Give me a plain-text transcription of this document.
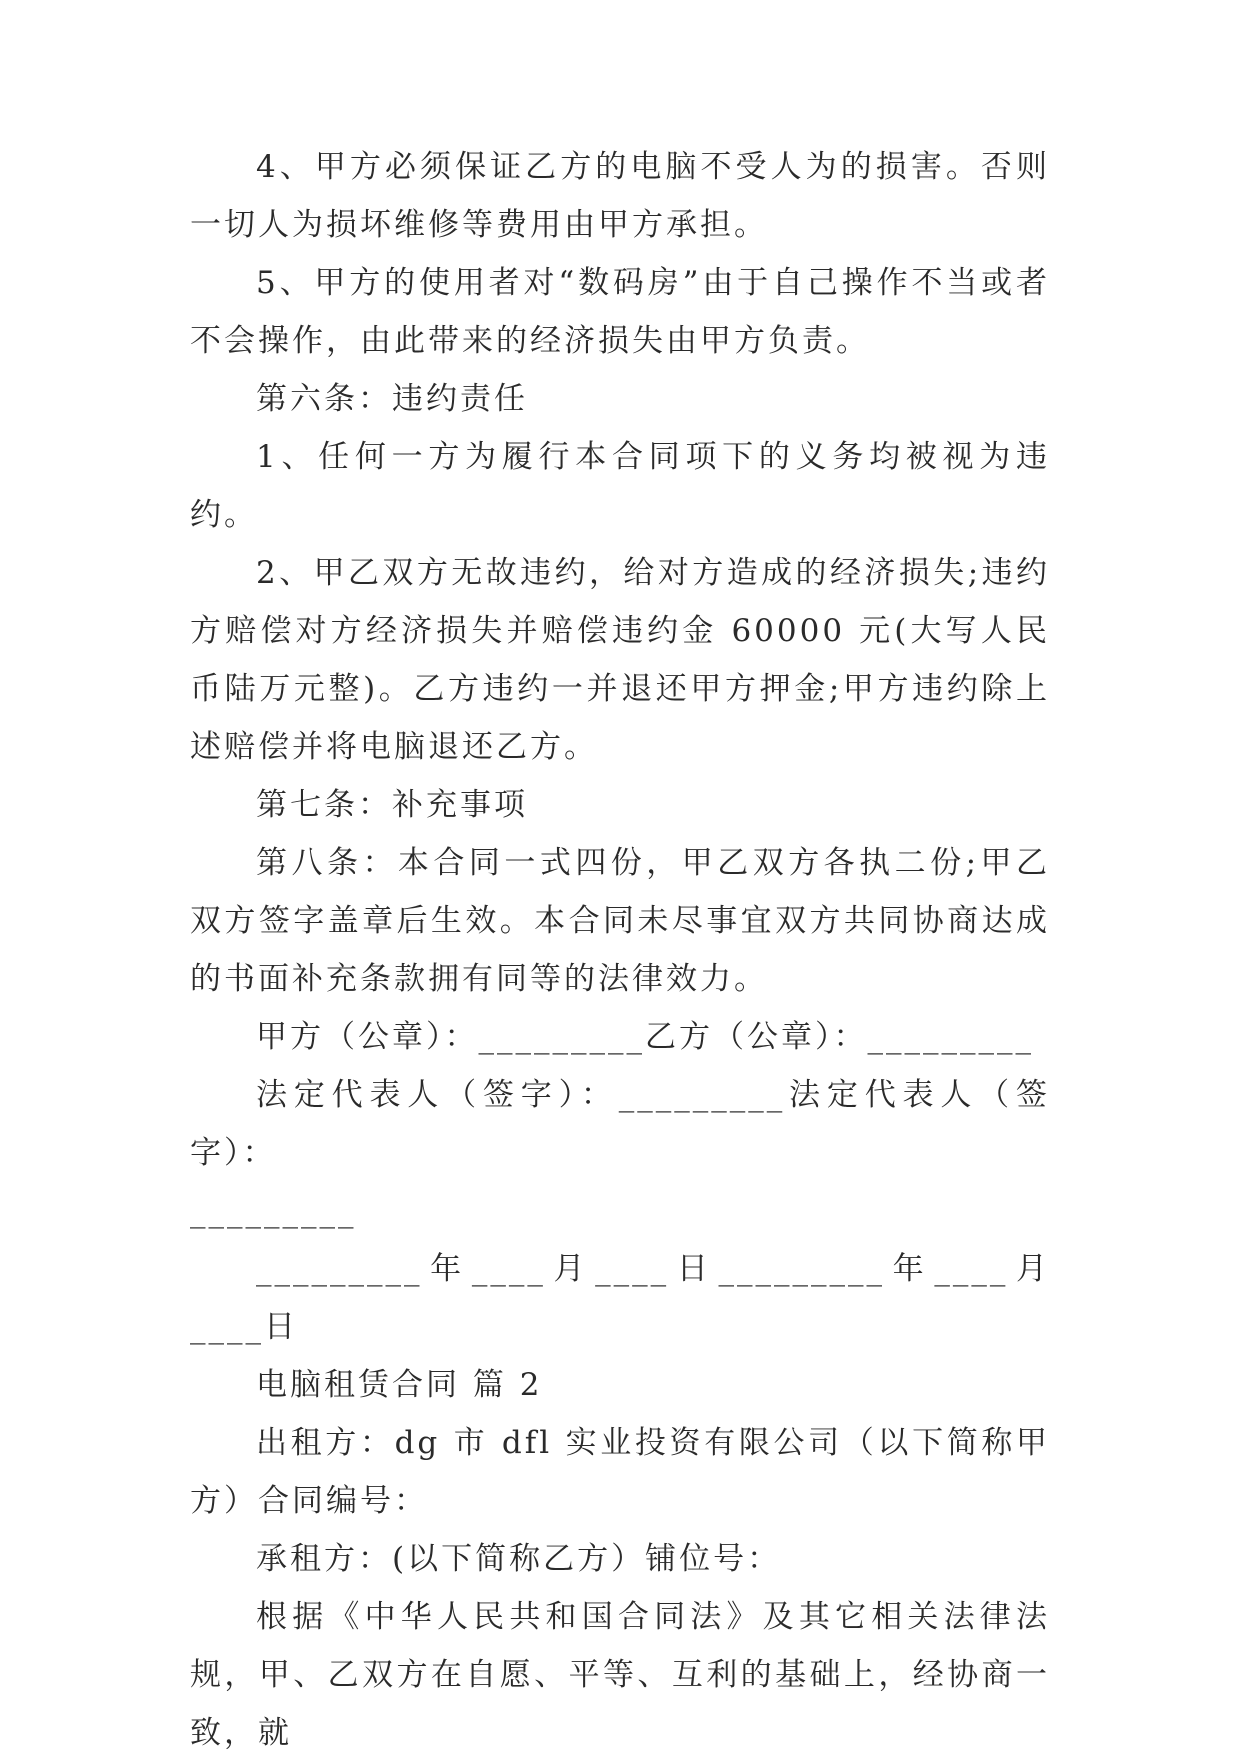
4、甲方必须保证乙方的电脑不受人为的损害。否则一切人为损坏维修等费用由甲方承担。

5、甲方的使用者对“数码房”由于自己操作不当或者不会操作，由此带来的经济损失由甲方负责。

第六条：违约责任

1、任何一方为履行本合同项下的义务均被视为违约。

2、甲乙双方无故违约，给对方造成的经济损失;违约方赔偿对方经济损失并赔偿违约金 60000 元(大写人民币陆万元整)。乙方违约一并退还甲方押金;甲方违约除上述赔偿并将电脑退还乙方。

第七条：补充事项

第八条：本合同一式四份，甲乙双方各执二份;甲乙双方签字盖章后生效。本合同未尽事宜双方共同协商达成的书面补充条款拥有同等的法律效力。

甲方（公章）：_________乙方（公章）：_________

法定代表人（签字）：_________法定代表人（签字）：

_________

_________年____月____日_________年____月____日

电脑租赁合同 篇 2

出租方：dg 市 dfl 实业投资有限公司（以下简称甲方）合同编号：

承租方：(以下简称乙方）铺位号：

根据《中华人民共和国合同法》及其它相关法律法规，甲、乙双方在自愿、平等、互利的基础上，经协商一致，就
